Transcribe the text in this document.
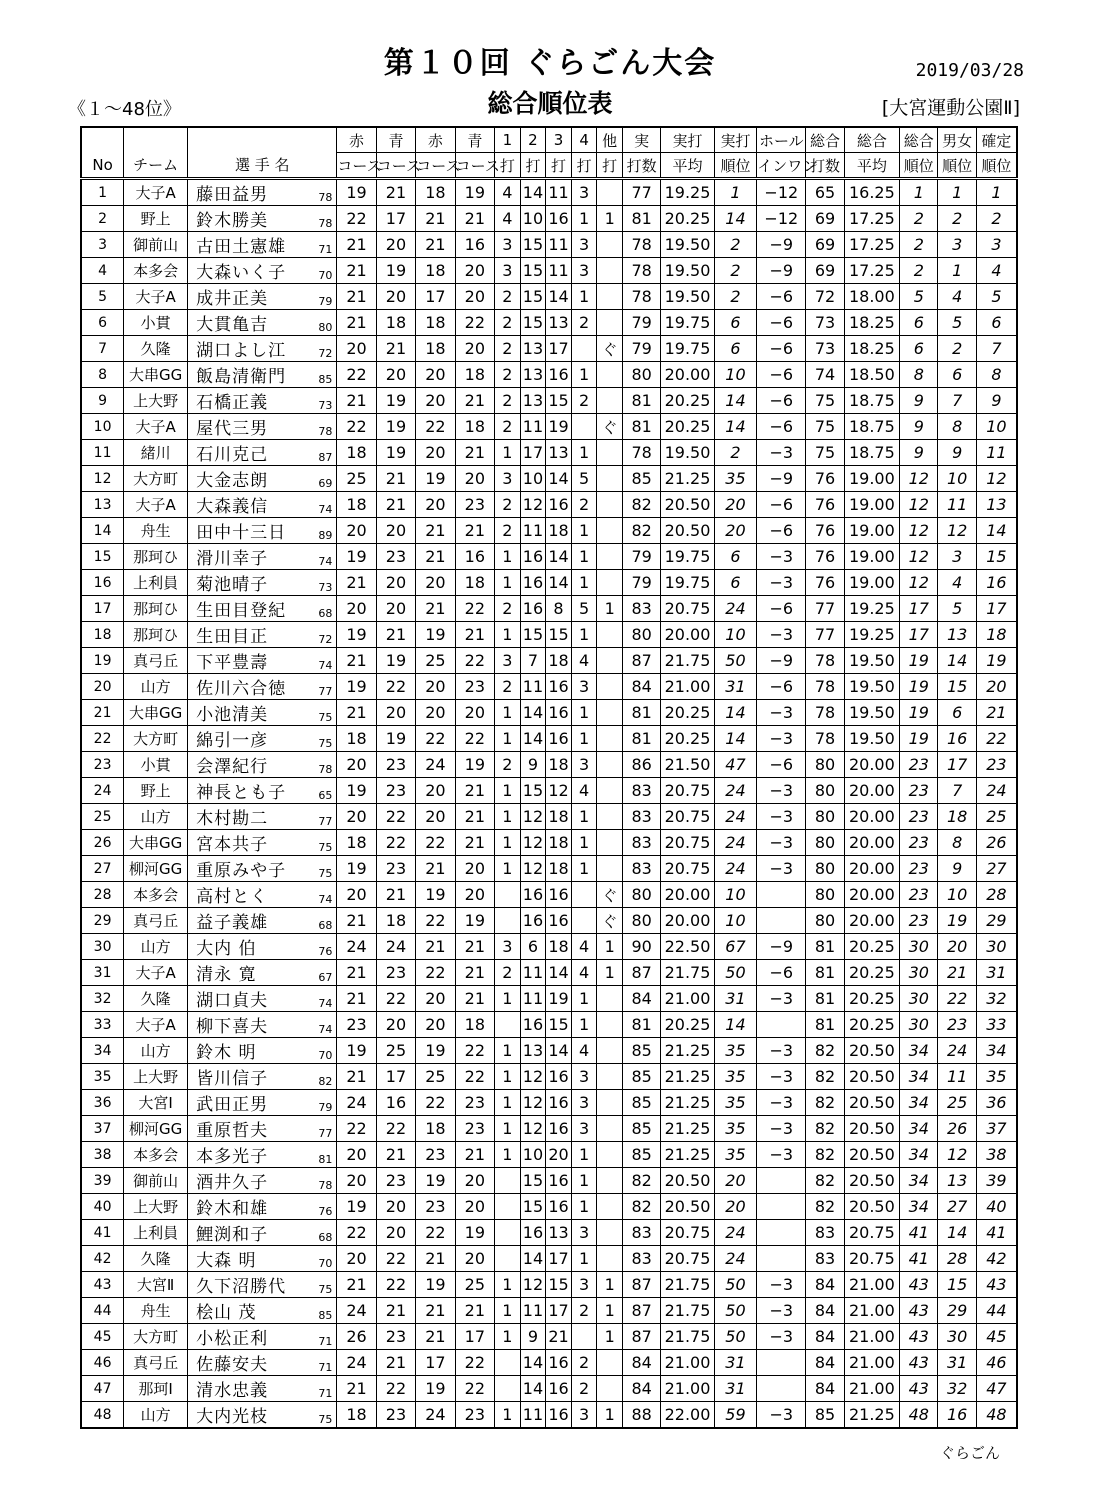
第１０回 ぐらごん大会
総合順位表
2019/03/28
《１～48位》	[大宮運動公園Ⅱ]
			赤	青	赤	青	1	2	3	4	他	実	実打	実打	ホール	総合	総合	総合	男女	確定
No	チーム	選 手 名	コース	コース	コース	コース	打	打	打	打	打	打数	平均	順位	インワン	打数	平均	順位	順位	順位
1	大子A	藤田益男 78	19	21	18	19	4	14	11	3		77	19.25	1	−12	65	16.25	1	1	1
2	野上	鈴木勝美 78	22	17	21	21	4	10	16	1	1	81	20.25	14	−12	69	17.25	2	2	2
3	御前山	古田土憲雄 71	21	20	21	16	3	15	11	3		78	19.50	2	−9	69	17.25	2	3	3
4	本多会	大森いく子 70	21	19	18	20	3	15	11	3		78	19.50	2	−9	69	17.25	2	1	4
5	大子A	成井正美 79	21	20	17	20	2	15	14	1		78	19.50	2	−6	72	18.00	5	4	5
6	小貫	大貫亀吉 80	21	18	18	22	2	15	13	2		79	19.75	6	−6	73	18.25	6	5	6
7	久隆	湖口よし江 72	20	21	18	20	2	13	17		ぐ	79	19.75	6	−6	73	18.25	6	2	7
8	大串GG	飯島清衛門 85	22	20	20	18	2	13	16	1		80	20.00	10	−6	74	18.50	8	6	8
9	上大野	石橋正義 73	21	19	20	21	2	13	15	2		81	20.25	14	−6	75	18.75	9	7	9
10	大子A	屋代三男 78	22	19	22	18	2	11	19		ぐ	81	20.25	14	−6	75	18.75	9	8	10
11	緒川	石川克己 87	18	19	20	21	1	17	13	1		78	19.50	2	−3	75	18.75	9	9	11
12	大方町	大金志朗 69	25	21	19	20	3	10	14	5		85	21.25	35	−9	76	19.00	12	10	12
13	大子A	大森義信 74	18	21	20	23	2	12	16	2		82	20.50	20	−6	76	19.00	12	11	13
14	舟生	田中十三日 89	20	20	21	21	2	11	18	1		82	20.50	20	−6	76	19.00	12	12	14
15	那珂ひ	滑川幸子 74	19	23	21	16	1	16	14	1		79	19.75	6	−3	76	19.00	12	3	15
16	上利員	菊池晴子 73	21	20	20	18	1	16	14	1		79	19.75	6	−3	76	19.00	12	4	16
17	那珂ひ	生田目登紀 68	20	20	21	22	2	16	8	5	1	83	20.75	24	−6	77	19.25	17	5	17
18	那珂ひ	生田目正 72	19	21	19	21	1	15	15	1		80	20.00	10	−3	77	19.25	17	13	18
19	真弓丘	下平豊壽 74	21	19	25	22	3	7	18	4		87	21.75	50	−9	78	19.50	19	14	19
20	山方	佐川六合徳 77	19	22	20	23	2	11	16	3		84	21.00	31	−6	78	19.50	19	15	20
21	大串GG	小池清美 75	21	20	20	20	1	14	16	1		81	20.25	14	−3	78	19.50	19	6	21
22	大方町	綿引一彦 75	18	19	22	22	1	14	16	1		81	20.25	14	−3	78	19.50	19	16	22
23	小貫	会澤紀行 78	20	23	24	19	2	9	18	3		86	21.50	47	−6	80	20.00	23	17	23
24	野上	神長とも子 65	19	23	20	21	1	15	12	4		83	20.75	24	−3	80	20.00	23	7	24
25	山方	木村勘二 77	20	22	20	21	1	12	18	1		83	20.75	24	−3	80	20.00	23	18	25
26	大串GG	宮本共子 75	18	22	22	21	1	12	18	1		83	20.75	24	−3	80	20.00	23	8	26
27	柳河GG	重原みや子 75	19	23	21	20	1	12	18	1		83	20.75	24	−3	80	20.00	23	9	27
28	本多会	高村とく 74	20	21	19	20		16	16		ぐ	80	20.00	10		80	20.00	23	10	28
29	真弓丘	益子義雄 68	21	18	22	19		16	16		ぐ	80	20.00	10		80	20.00	23	19	29
30	山方	大内 伯 76	24	24	21	21	3	6	18	4	1	90	22.50	67	−9	81	20.25	30	20	30
31	大子A	清永 寛 67	21	23	22	21	2	11	14	4	1	87	21.75	50	−6	81	20.25	30	21	31
32	久隆	湖口貞夫 74	21	22	20	21	1	11	19	1		84	21.00	31	−3	81	20.25	30	22	32
33	大子A	柳下喜夫 74	23	20	20	18		16	15	1		81	20.25	14		81	20.25	30	23	33
34	山方	鈴木 明 70	19	25	19	22	1	13	14	4		85	21.25	35	−3	82	20.50	34	24	34
35	上大野	皆川信子 82	21	17	25	22	1	12	16	3		85	21.25	35	−3	82	20.50	34	11	35
36	大宮Ⅰ	武田正男 79	24	16	22	23	1	12	16	3		85	21.25	35	−3	82	20.50	34	25	36
37	柳河GG	重原哲夫 77	22	22	18	23	1	12	16	3		85	21.25	35	−3	82	20.50	34	26	37
38	本多会	本多光子 81	20	21	23	21	1	10	20	1		85	21.25	35	−3	82	20.50	34	12	38
39	御前山	酒井久子 78	20	23	19	20		15	16	1		82	20.50	20		82	20.50	34	13	39
40	上大野	鈴木和雄 76	19	20	23	20		15	16	1		82	20.50	20		82	20.50	34	27	40
41	上利員	鯉渕和子 68	22	20	22	19		16	13	3		83	20.75	24		83	20.75	41	14	41
42	久隆	大森 明 70	20	22	21	20		14	17	1		83	20.75	24		83	20.75	41	28	42
43	大宮Ⅱ	久下沼勝代 75	21	22	19	25	1	12	15	3	1	87	21.75	50	−3	84	21.00	43	15	43
44	舟生	桧山 茂 85	24	21	21	21	1	11	17	2	1	87	21.75	50	−3	84	21.00	43	29	44
45	大方町	小松正利 71	26	23	21	17	1	9	21		1	87	21.75	50	−3	84	21.00	43	30	45
46	真弓丘	佐藤安夫 71	24	21	17	22		14	16	2		84	21.00	31		84	21.00	43	31	46
47	那珂Ⅰ	清水忠義 71	21	22	19	22		14	16	2		84	21.00	31		84	21.00	43	32	47
48	山方	大内光枝 75	18	23	24	23	1	11	16	3	1	88	22.00	59	−3	85	21.25	48	16	48
ぐらごん
